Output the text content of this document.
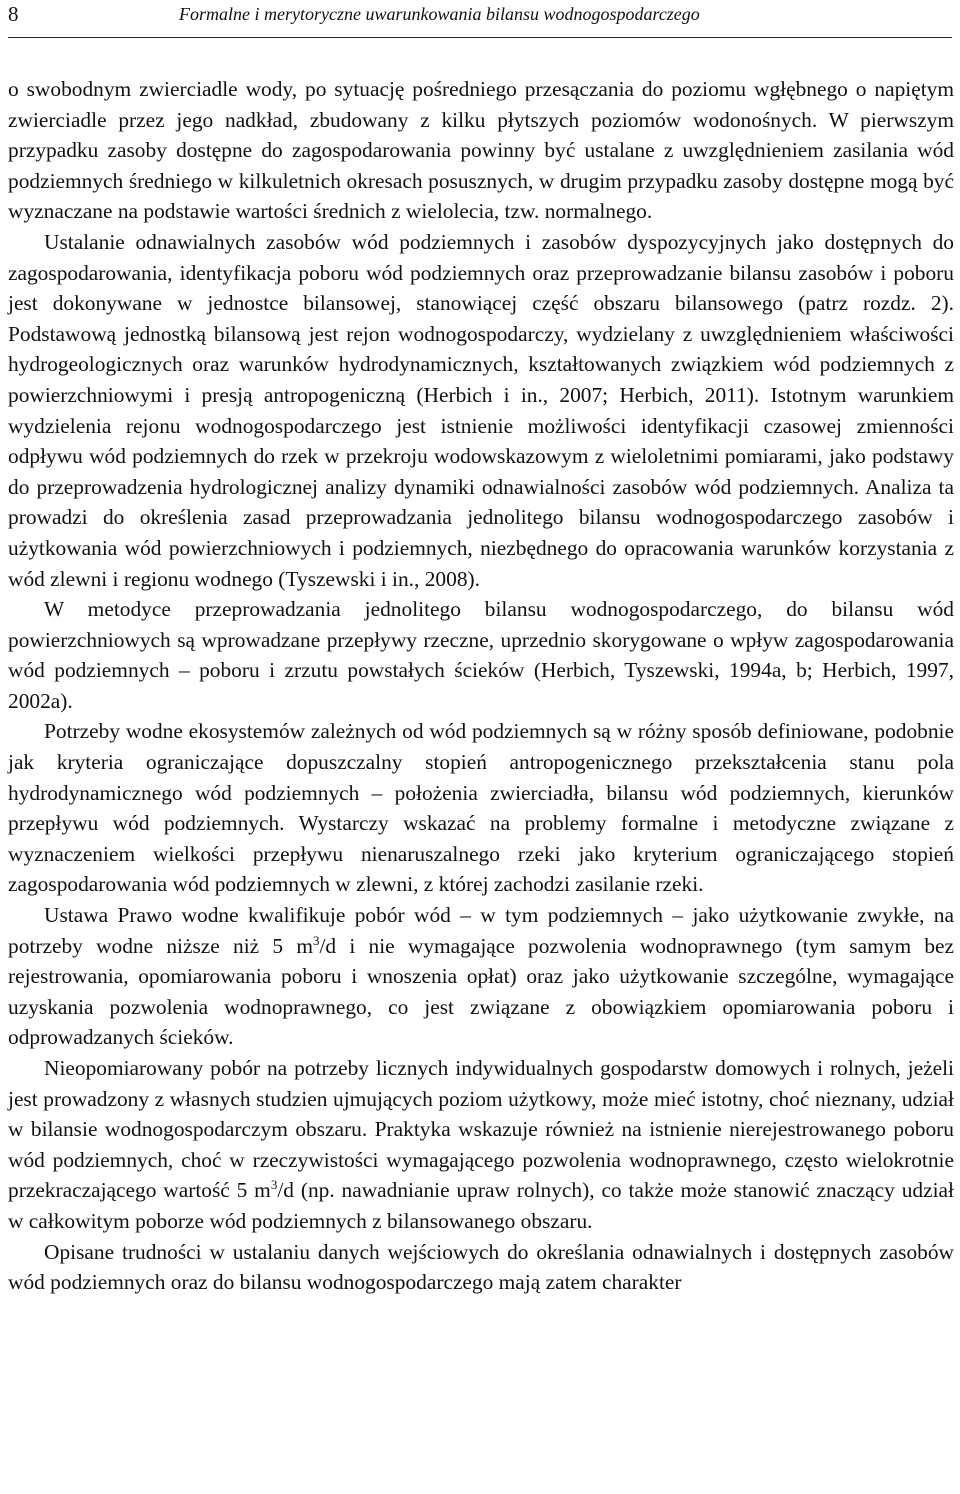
8	Formalne i merytoryczne uwarunkowania bilansu wodnogospodarczego

o swobodnym zwierciadle wody, po sytuację pośredniego przesączania do poziomu wgłębnego o napiętym zwierciadle przez jego nadkład, zbudowany z kilku płytszych poziomów wodonośnych. W pierwszym przypadku zasoby dostępne do zagospodarowania powinny być ustalane z uwzględnieniem zasilania wód podziemnych średniego w kilkuletnich okresach posusznych, w drugim przypadku zasoby dostępne mogą być wyznaczane na podstawie wartości średnich z wielolecia, tzw. normalnego.

Ustalanie odnawialnych zasobów wód podziemnych i zasobów dyspozycyjnych jako dostępnych do zagospodarowania, identyfikacja poboru wód podziemnych oraz przeprowadzanie bilansu zasobów i poboru jest dokonywane w jednostce bilansowej, stanowiącej część obszaru bilansowego (patrz rozdz. 2). Podstawową jednostką bilansową jest rejon wodnogospodarczy, wydzielany z uwzględnieniem właściwości hydrogeologicznych oraz warunków hydrodynamicznych, kształtowanych związkiem wód podziemnych z powierzchniowymi i presją antropogeniczną (Herbich i in., 2007; Herbich, 2011). Istotnym warunkiem wydzielenia rejonu wodnogospodarczego jest istnienie możliwości identyfikacji czasowej zmienności odpływu wód podziemnych do rzek w przekroju wodowskazowym z wieloletnimi pomiarami, jako podstawy do przeprowadzenia hydrologicznej analizy dynamiki odnawialności zasobów wód podziemnych. Analiza ta prowadzi do określenia zasad przeprowadzania jednolitego bilansu wodnogospodarczego zasobów i użytkowania wód powierzchniowych i podziemnych, niezbędnego do opracowania warunków korzystania z wód zlewni i regionu wodnego (Tyszewski i in., 2008).

W metodyce przeprowadzania jednolitego bilansu wodnogospodarczego, do bilansu wód powierzchniowych są wprowadzane przepływy rzeczne, uprzednio skorygowane o wpływ zagospodarowania wód podziemnych – poboru i zrzutu powstałych ścieków (Herbich, Tyszewski, 1994a, b; Herbich, 1997, 2002a).

Potrzeby wodne ekosystemów zależnych od wód podziemnych są w różny sposób definiowane, podobnie jak kryteria ograniczające dopuszczalny stopień antropogenicznego przekształcenia stanu pola hydrodynamicznego wód podziemnych – położenia zwierciadła, bilansu wód podziemnych, kierunków przepływu wód podziemnych. Wystarczy wskazać na problemy formalne i metodyczne związane z wyznaczeniem wielkości przepływu nienaruszalnego rzeki jako kryterium ograniczającego stopień zagospodarowania wód podziemnych w zlewni, z której zachodzi zasilanie rzeki.

Ustawa Prawo wodne kwalifikuje pobór wód – w tym podziemnych – jako użytkowanie zwykłe, na potrzeby wodne niższe niż 5 $m^3/d$ i nie wymagające pozwolenia wodnoprawnego (tym samym bez rejestrowania, opomiarowania poboru i wnoszenia opłat) oraz jako użytkowanie szczególne, wymagające uzyskania pozwolenia wodnoprawnego, co jest związane z obowiązkiem opomiarowania poboru i odprowadzanych ścieków.

Nieopomiarowany pobór na potrzeby licznych indywidualnych gospodarstw domowych i rolnych, jeżeli jest prowadzony z własnych studzien ujmujących poziom użytkowy, może mieć istotny, choć nieznany, udział w bilansie wodnogospodarczym obszaru. Praktyka wskazuje również na istnienie nierejestrowanego poboru wód podziemnych, choć w rzeczywistości wymagającego pozwolenia wodnoprawnego, często wielokrotnie przekraczającego wartość 5 $m^3/d$ (np. nawadnianie upraw rolnych), co także może stanowić znaczący udział w całkowitym poborze wód podziemnych z bilansowanego obszaru.

Opisane trudności w ustalaniu danych wejściowych do określania odnawialnych i dostępnych zasobów wód podziemnych oraz do bilansu wodnogospodarczego mają zatem charakter
